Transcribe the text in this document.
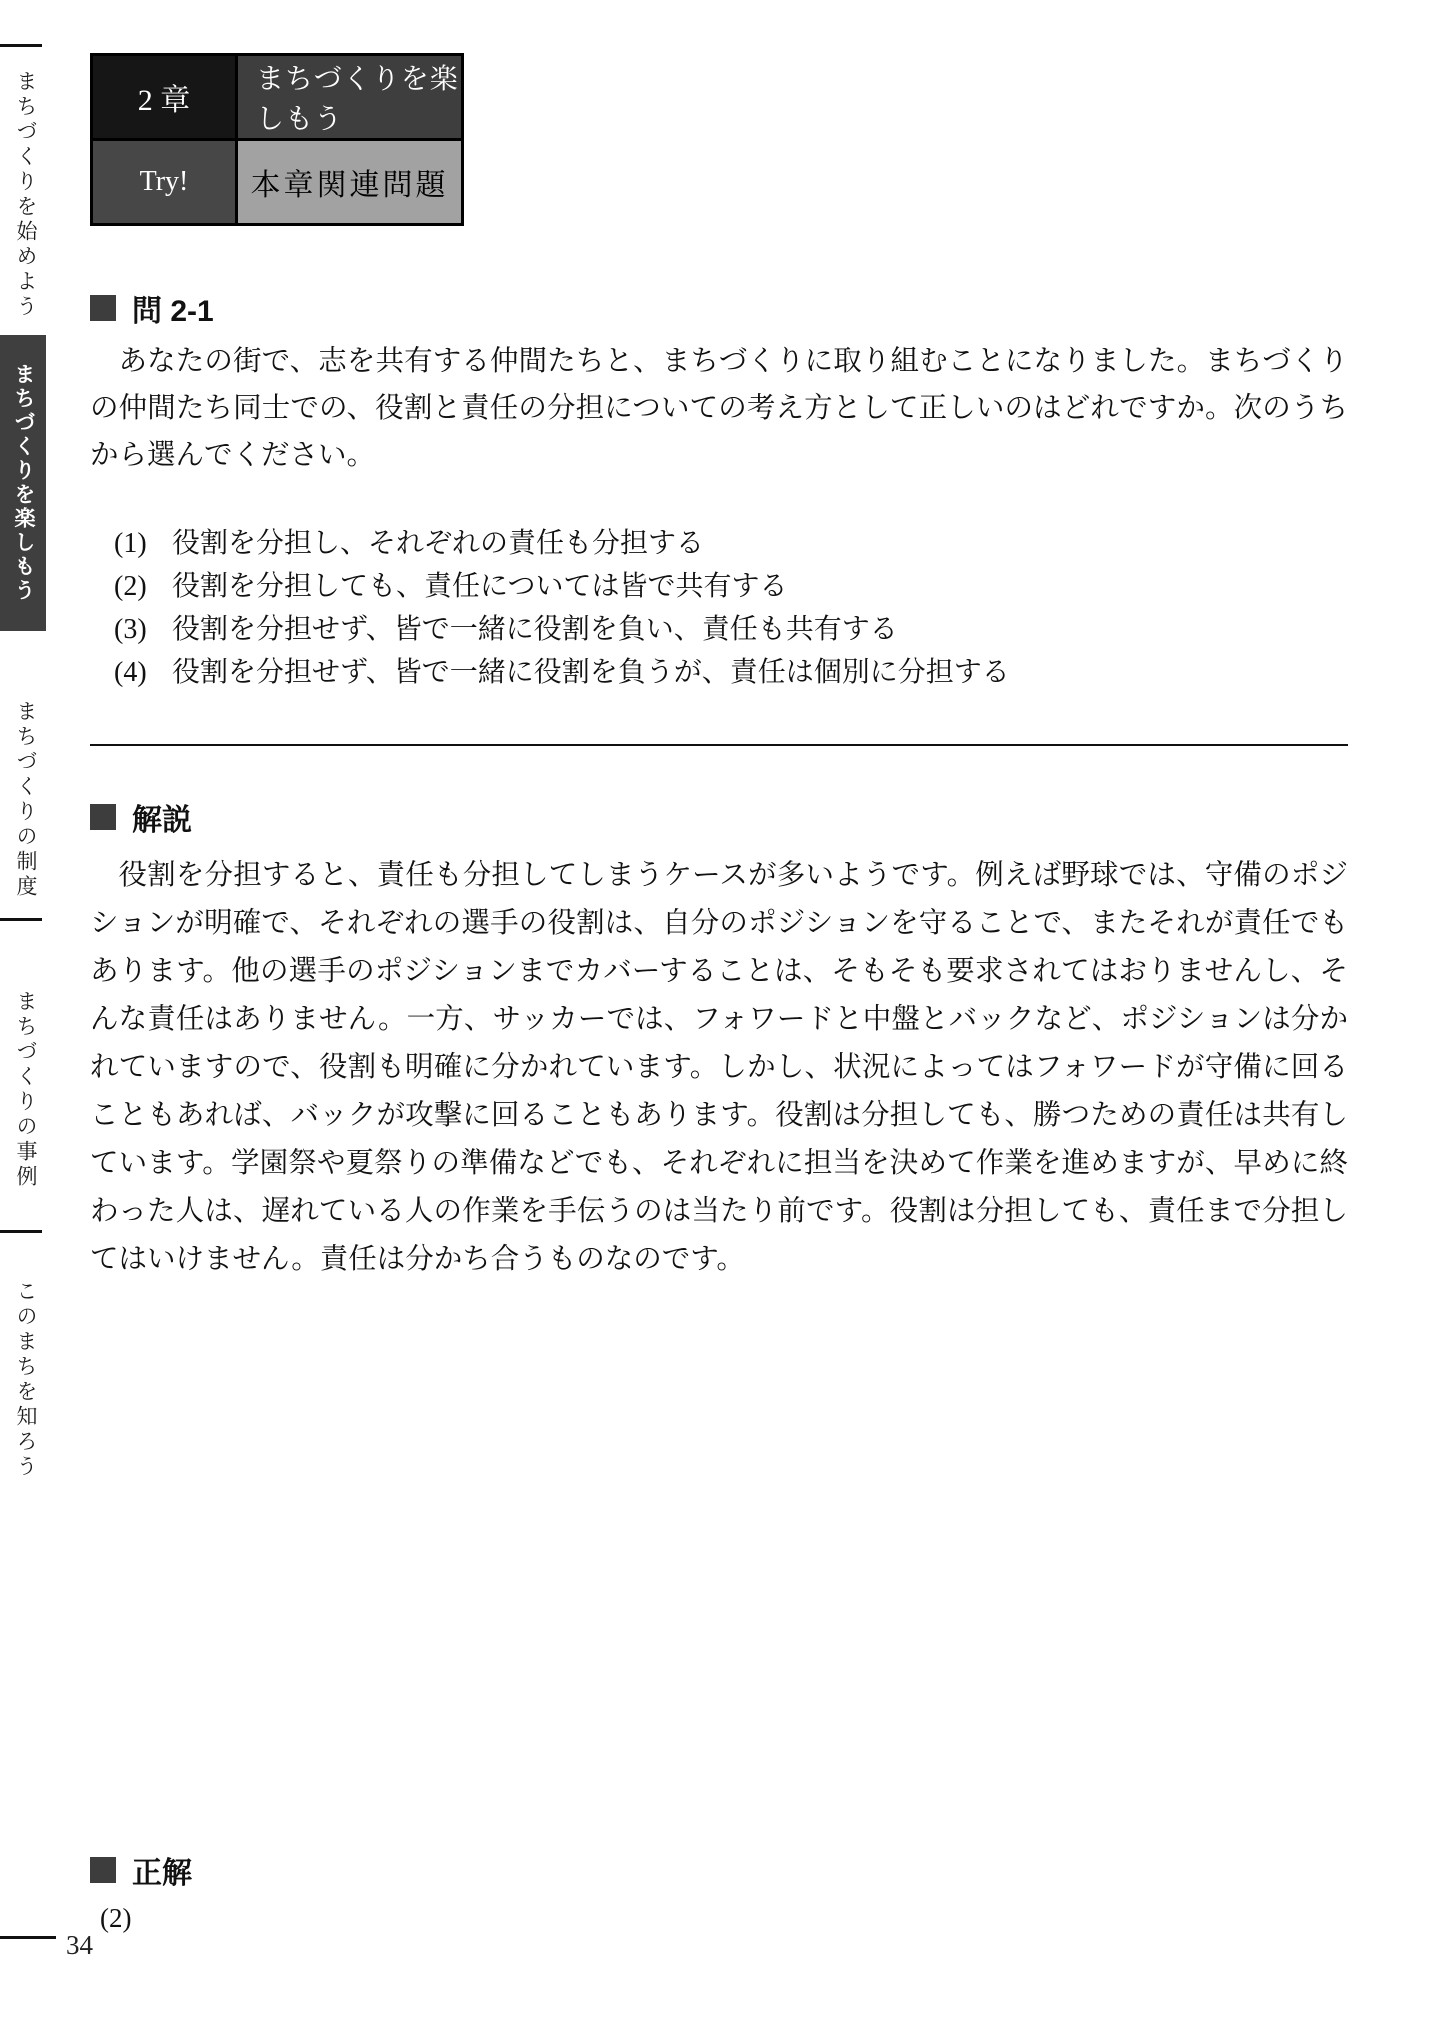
まちづくりを始めよう
まちづくりを楽しもう
まちづくりの制度
まちづくりの事例
このまちを知ろう
2 章
まちづくりを楽しもう
Try!	本章関連問題
問 2-1
あなたの街で、志を共有する仲間たちと、まちづくりに取り組むことになりました。まちづくりの仲間たち同士での、役割と責任の分担についての考え方として正しいのはどれですか。次のうちから選んでください。
(1) 役割を分担し、それぞれの責任も分担する
(2) 役割を分担しても、責任については皆で共有する
(3) 役割を分担せず、皆で一緒に役割を負い、責任も共有する
(4) 役割を分担せず、皆で一緒に役割を負うが、責任は個別に分担する
解説
役割を分担すると、責任も分担してしまうケースが多いようです。例えば野球では、守備のポジションが明確で、それぞれの選手の役割は、自分のポジションを守ることで、またそれが責任でもあります。他の選手のポジションまでカバーすることは、そもそも要求されてはおりませんし、そんな責任はありません。一方、サッカーでは、フォワードと中盤とバックなど、ポジションは分かれていますので、役割も明確に分かれています。しかし、状況によってはフォワードが守備に回ることもあれば、バックが攻撃に回ることもあります。役割は分担しても、勝つための責任は共有しています。学園祭や夏祭りの準備などでも、それぞれに担当を決めて作業を進めますが、早めに終わった人は、遅れている人の作業を手伝うのは当たり前です。役割は分担しても、責任まで分担してはいけません。責任は分かち合うものなのです。
正解
(2)
34
